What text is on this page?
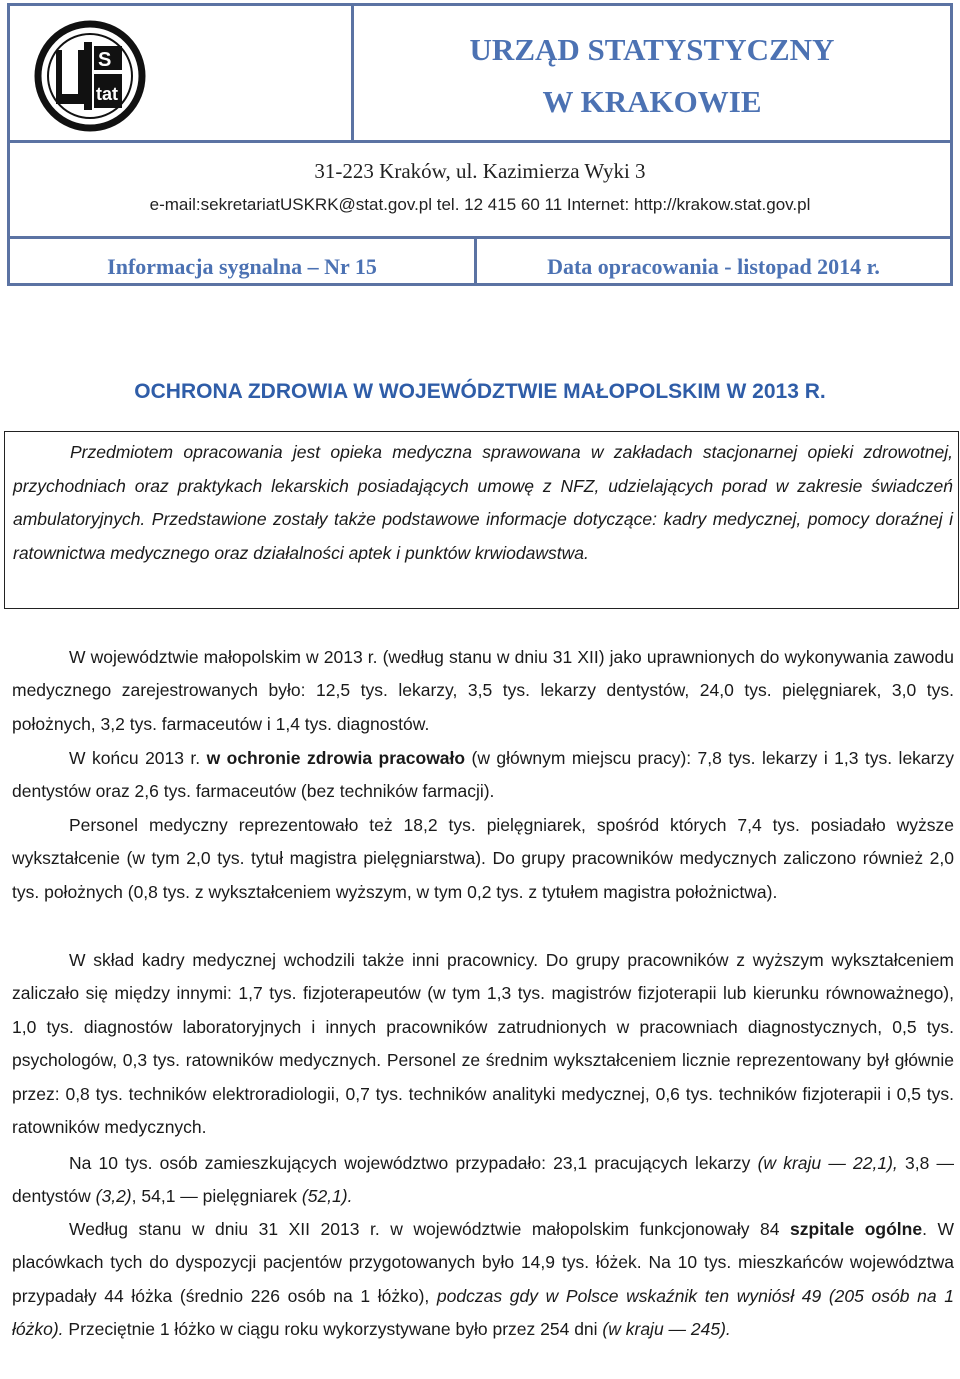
tat
S	URZĄD STATYSTYCZNY
W KRAKOWIE
31-223 Kraków, ul. Kazimierza Wyki 3
e-mail:sekretariatUSKRK@stat.gov.pl tel. 12 415 60 11 Internet: http://krakow.stat.gov.pl
Informacja sygnalna – Nr 15	Data opracowania - listopad 2014 r.
OCHRONA ZDROWIA W WOJEWÓDZTWIE MAŁOPOLSKIM W 2013 R.

Przedmiotem opracowania jest opieka medyczna sprawowana w zakładach stacjonarnej opieki zdrowotnej, przychodniach oraz praktykach lekarskich posiadających umowę z NFZ, udzielających porad w zakresie świadczeń ambulatoryjnych. Przedstawione zostały także podstawowe informacje dotyczące: kadry medycznej, pomocy doraźnej i ratownictwa medycznego oraz działalności aptek i punktów krwiodawstwa.

W województwie małopolskim w 2013 r. (według stanu w dniu 31 XII) jako uprawnionych do wykonywania zawodu medycznego zarejestrowanych było: 12,5 tys. lekarzy, 3,5 tys. lekarzy dentystów, 24,0 tys. pielęgniarek, 3,0 tys. położnych, 3,2 tys. farmaceutów i 1,4 tys. diagnostów.

W końcu 2013 r. w ochronie zdrowia pracowało (w głównym miejscu pracy): 7,8 tys. lekarzy i 1,3 tys. lekarzy dentystów oraz 2,6 tys. farmaceutów (bez techników farmacji).

Personel medyczny reprezentowało też 18,2 tys. pielęgniarek, spośród których 7,4 tys. posiadało wyższe wykształcenie (w tym 2,0 tys. tytuł magistra pielęgniarstwa). Do grupy pracowników medycznych zaliczono również 2,0 tys. położnych (0,8 tys. z wykształceniem wyższym, w tym 0,2 tys. z tytułem magistra położnictwa).

W skład kadry medycznej wchodzili także inni pracownicy. Do grupy pracowników z wyższym wykształceniem zaliczało się między innymi: 1,7 tys. fizjoterapeutów (w tym 1,3 tys. magistrów fizjoterapii lub kierunku równoważnego), 1,0 tys. diagnostów laboratoryjnych i innych pracowników zatrudnionych w pracowniach diagnostycznych, 0,5 tys. psychologów, 0,3 tys. ratowników medycznych. Personel ze średnim wykształceniem licznie reprezentowany był głównie przez: 0,8 tys. techników elektroradiologii, 0,7 tys. techników analityki medycznej, 0,6 tys. techników fizjoterapii i 0,5 tys. ratowników medycznych.

Na 10 tys. osób zamieszkujących województwo przypadało: 23,1 pracujących lekarzy (w kraju — 22,1), 3,8 — dentystów (3,2), 54,1 — pielęgniarek (52,1).

Według stanu w dniu 31 XII 2013 r. w województwie małopolskim funkcjonowały 84 szpitale ogólne. W placówkach tych do dyspozycji pacjentów przygotowanych było 14,9 tys. łóżek. Na 10 tys. mieszkańców województwa przypadały 44 łóżka (średnio 226 osób na 1 łóżko), podczas gdy w Polsce wskaźnik ten wyniósł 49 (205 osób na 1 łóżko). Przeciętnie 1 łóżko w ciągu roku wykorzystywane było przez 254 dni (w kraju — 245).
